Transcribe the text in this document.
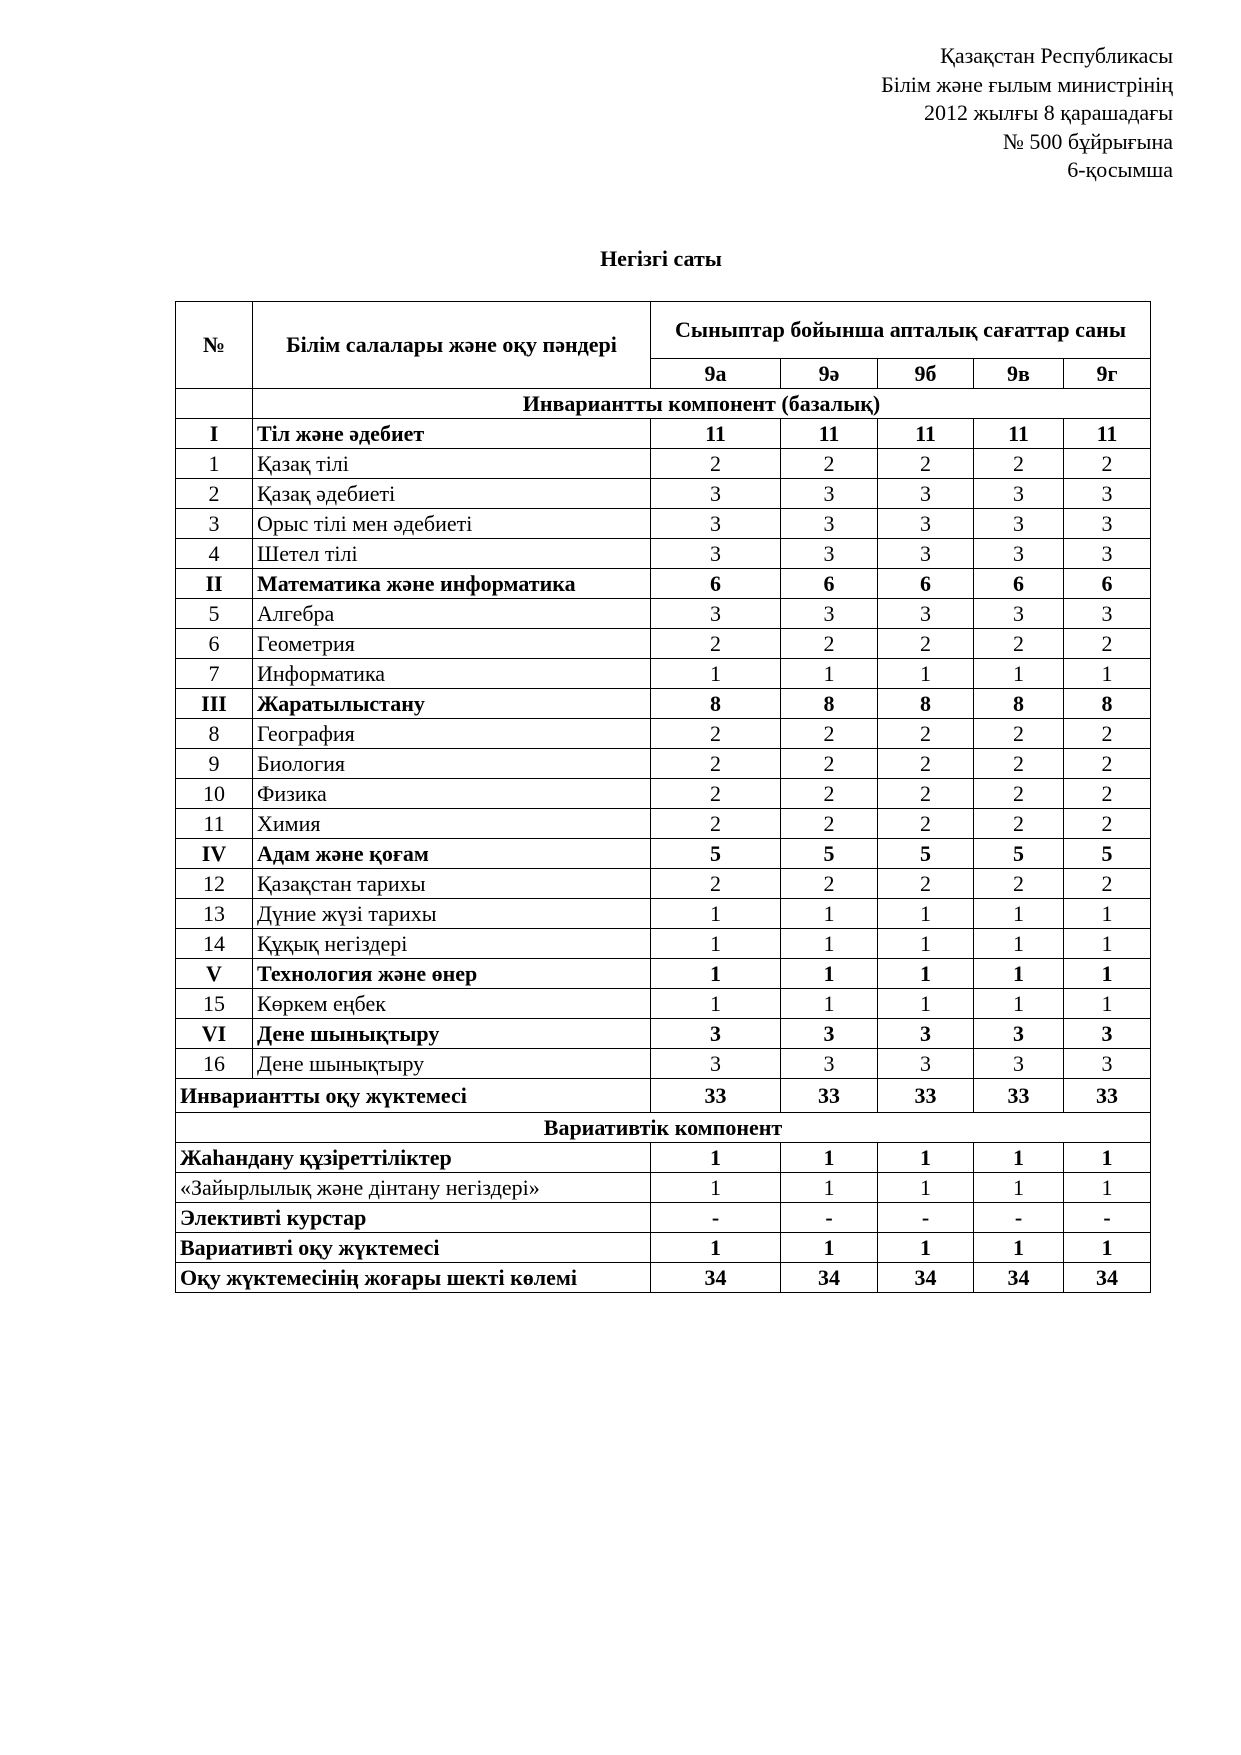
Қазақстан Республикасы
Білім және ғылым министрінің
2012 жылғы 8 қарашадағы
№ 500 бұйрығына
6-қосымша
Негізгі саты
№	Білім салалары және оқу пәндері	Сыныптар бойынша апталық сағаттар саны				
		9а	9ә	9б	9в	9г
	Инвариантты компонент (базалық)					
I	Тіл және әдебиет	11	11	11	11	11
1	Қазақ тілі	2	2	2	2	2
2	Қазақ әдебиеті	3	3	3	3	3
3	Орыс тілі мен әдебиеті	3	3	3	3	3
4	Шетел тілі	3	3	3	3	3
II	Математика және информатика	6	6	6	6	6
5	Алгебра	3	3	3	3	3
6	Геометрия	2	2	2	2	2
7	Информатика	1	1	1	1	1
III	Жаратылыстану	8	8	8	8	8
8	География	2	2	2	2	2
9	Биология	2	2	2	2	2
10	Физика	2	2	2	2	2
11	Химия	2	2	2	2	2
IV	Адам және қоғам	5	5	5	5	5
12	Қазақстан тарихы	2	2	2	2	2
13	Дүние жүзі тарихы	1	1	1	1	1
14	Құқық негіздері	1	1	1	1	1
V	Технология және өнер	1	1	1	1	1
15	Көркем еңбек	1	1	1	1	1
VI	Дене шынықтыру	3	3	3	3	3
16	Дене шынықтыру	3	3	3	3	3
Инвариантты оқу жүктемесі		33	33	33	33	33
Вариативтік компонент						
Жаһандану құзіреттіліктер		1	1	1	1	1
«Зайырлылық және дінтану негіздері»		1	1	1	1	1
Элективті курстар		-	-	-	-	-
Вариативті оқу жүктемесі		1	1	1	1	1
Оқу жүктемесінің жоғары шекті көлемі		34	34	34	34	34
